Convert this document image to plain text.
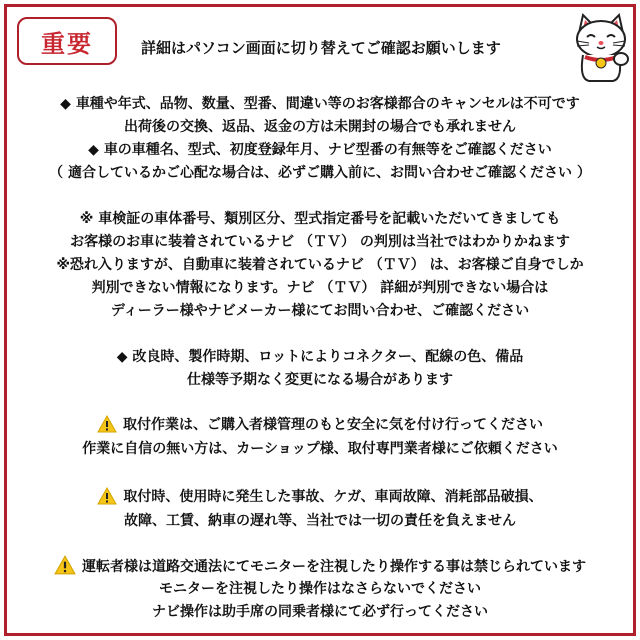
重要	詳細はパソコン画面に切り替えてご確認お願いします
◆ 車種や年式、品物、数量、型番、間違い等のお客様都合のキャンセルは不可です
出荷後の交換、返品、返金の方は未開封の場合でも承れません
◆ 車の車種名、型式、初度登録年月、ナビ型番の有無等をご確認ください
（ 適合しているかご心配な場合は、必ずご購入前に、お問い合わせご確認ください ）
※ 車検証の車体番号、類別区分、型式指定番号を記載いただいてきましても
お客様のお車に装着されているナビ （ＴＶ） の判別は当社ではわかりかねます
※恐れ入りますが、自動車に装着されているナビ （ＴＶ） は、お客様ご自身でしか
判別できない情報になります。ナビ （ＴＶ） 詳細が判別できない場合は
ディーラー様やナビメーカー様にてお問い合わせ、ご確認ください
◆ 改良時、製作時期、ロットによりコネクター、配線の色、備品
仕様等予期なく変更になる場合があります
取付作業は、ご購入者様管理のもと安全に気を付け行ってください
作業に自信の無い方は、カーショップ様、取付専門業者様にご依頼ください
取付時、使用時に発生した事故、ケガ、車両故障、消耗部品破損、
故障、工賃、納車の遅れ等、当社では一切の責任を負えません
運転者様は道路交通法にてモニターを注視したり操作する事は禁じられています
モニターを注視したり操作はなさらないでください
ナビ操作は助手席の同乗者様にて必ず行ってください
